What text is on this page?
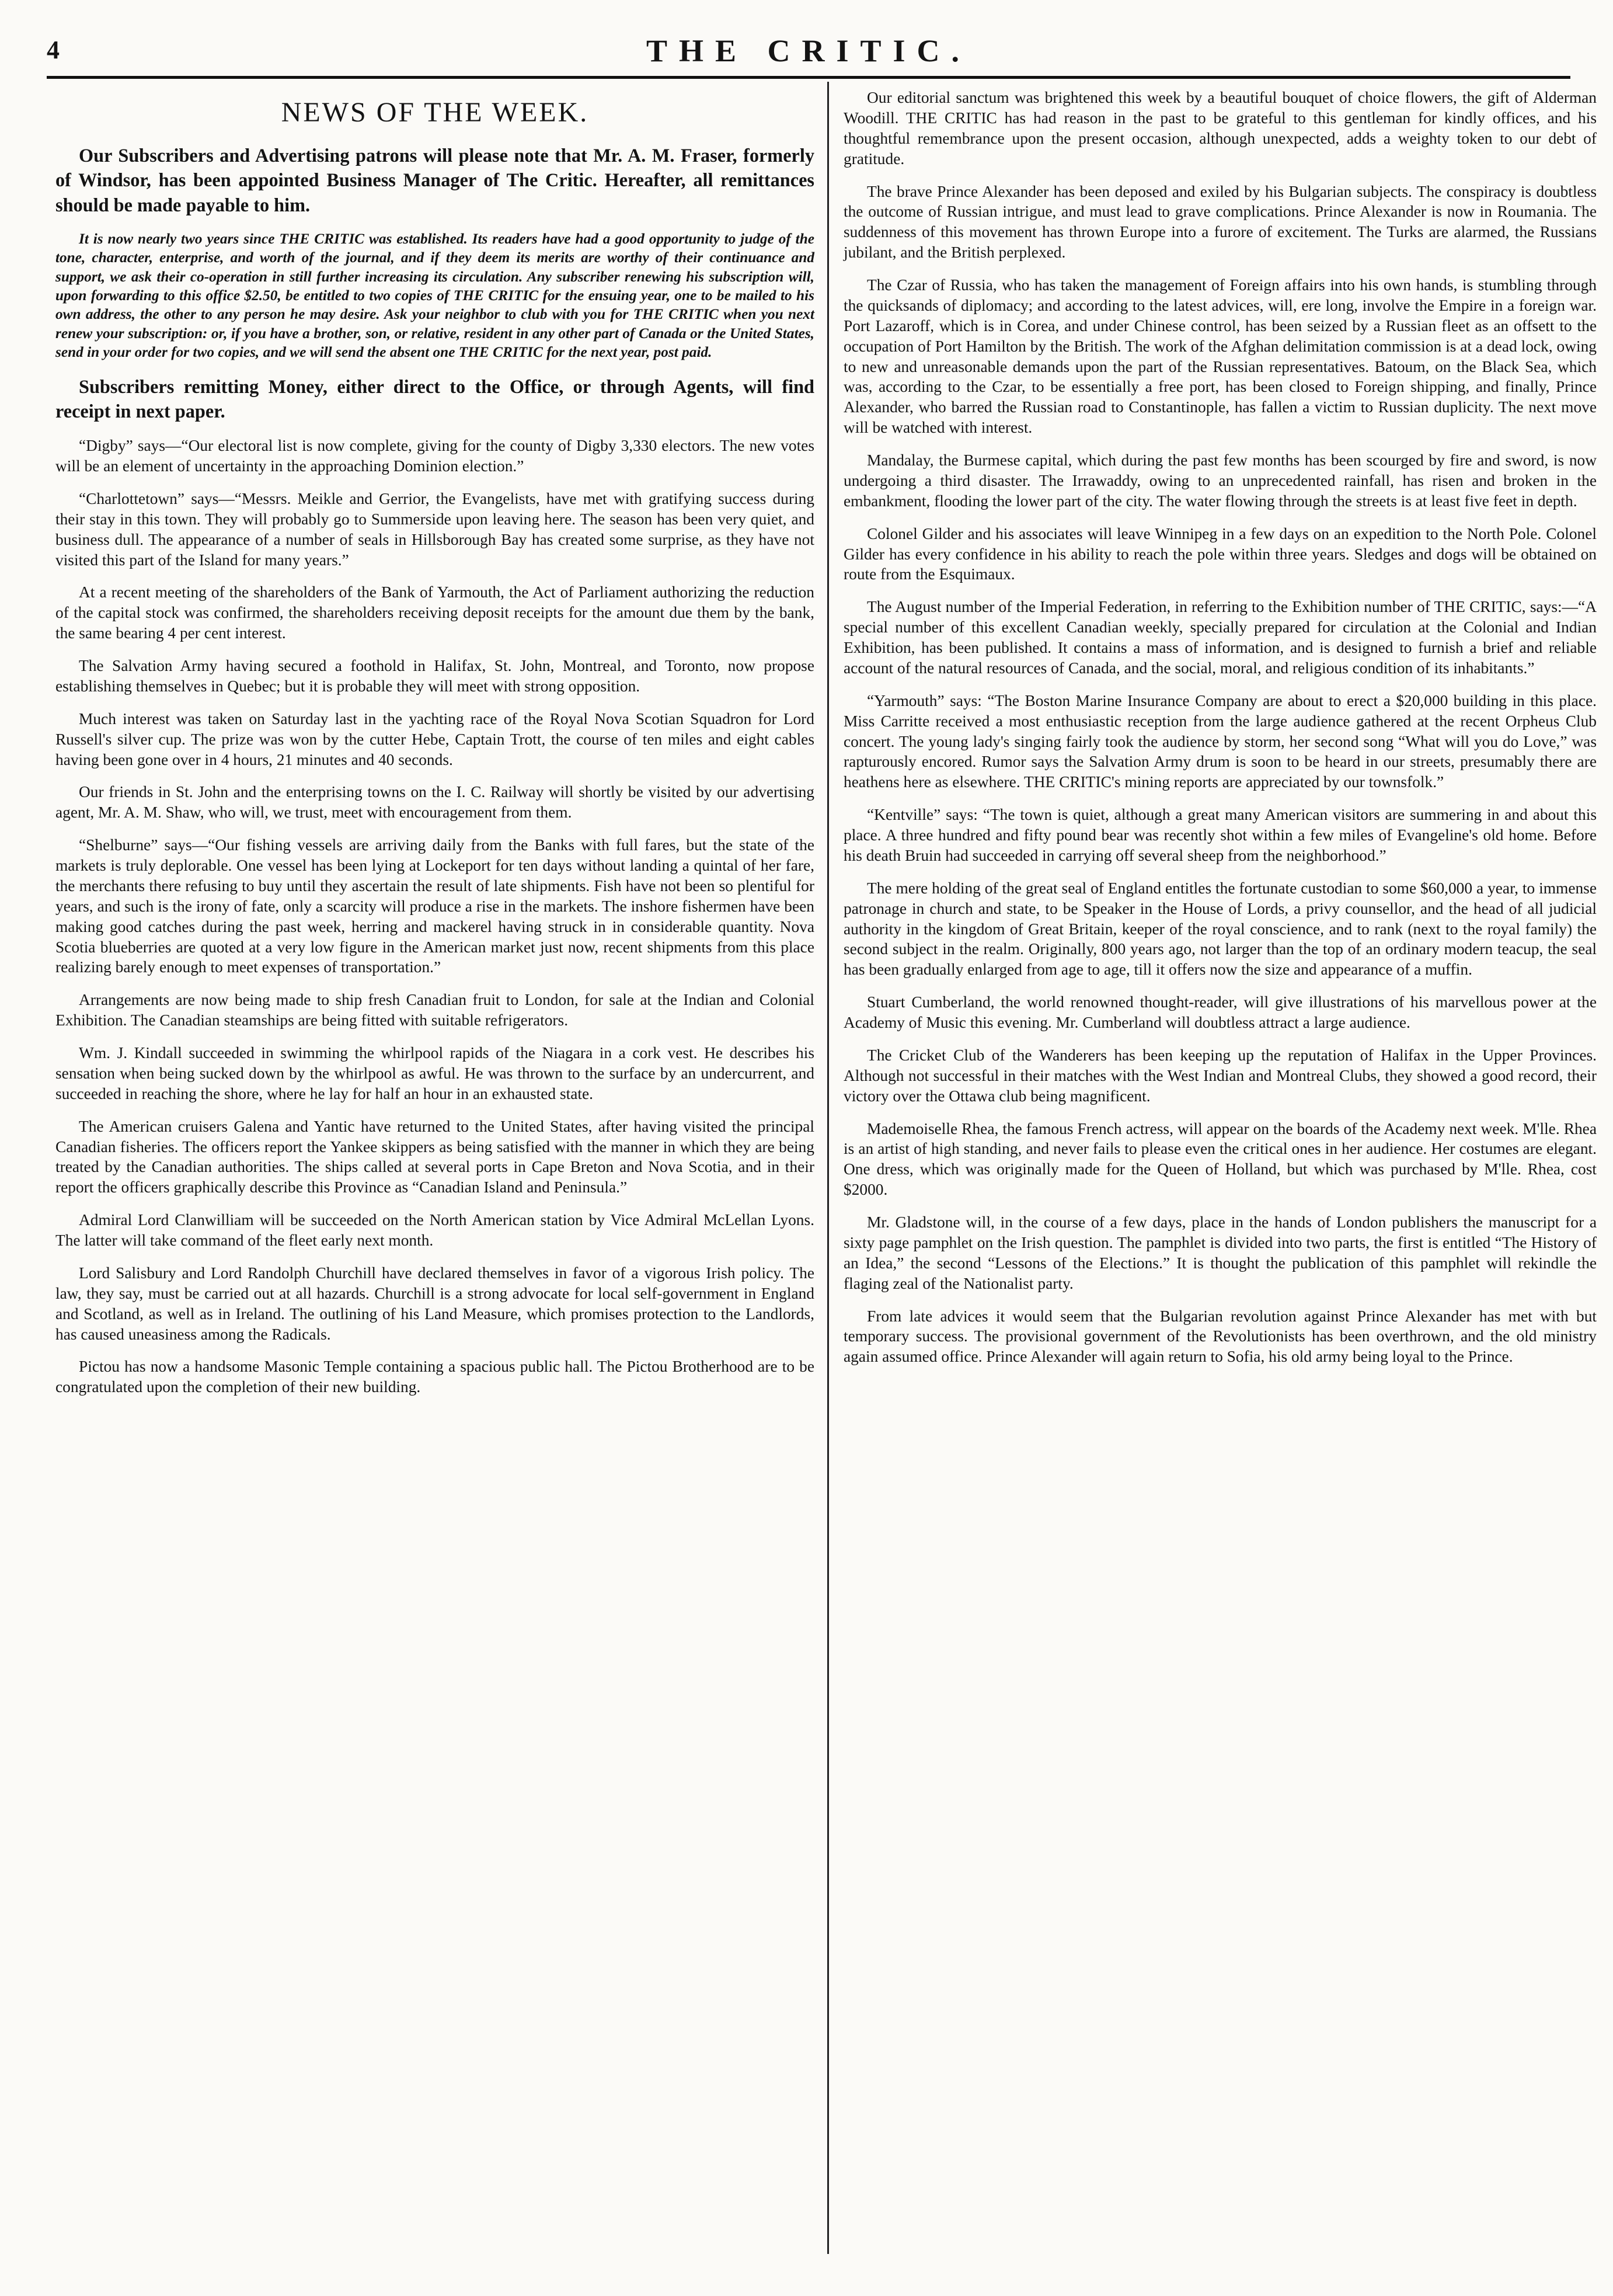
4	THE CRITIC.
NEWS OF THE WEEK.

Our Subscribers and Advertising patrons will please note that Mr. A. M. Fraser, formerly of Windsor, has been appointed Business Manager of The Critic. Hereafter, all remittances should be made payable to him.

It is now nearly two years since THE CRITIC was established. Its readers have had a good opportunity to judge of the tone, character, enterprise, and worth of the journal, and if they deem its merits are worthy of their continuance and support, we ask their co-operation in still further increasing its circulation. Any subscriber renewing his subscription will, upon forwarding to this office $2.50, be entitled to two copies of THE CRITIC for the ensuing year, one to be mailed to his own address, the other to any person he may desire. Ask your neighbor to club with you for THE CRITIC when you next renew your subscription: or, if you have a brother, son, or relative, resident in any other part of Canada or the United States, send in your order for two copies, and we will send the absent one THE CRITIC for the next year, post paid.

Subscribers remitting Money, either direct to the Office, or through Agents, will find receipt in next paper.

“Digby” says—“Our electoral list is now complete, giving for the county of Digby 3,330 electors. The new votes will be an element of uncertainty in the approaching Dominion election.”

“Charlottetown” says—“Messrs. Meikle and Gerrior, the Evangelists, have met with gratifying success during their stay in this town. They will probably go to Summerside upon leaving here. The season has been very quiet, and business dull. The appearance of a number of seals in Hillsborough Bay has created some surprise, as they have not visited this part of the Island for many years.”

At a recent meeting of the shareholders of the Bank of Yarmouth, the Act of Parliament authorizing the reduction of the capital stock was confirmed, the shareholders receiving deposit receipts for the amount due them by the bank, the same bearing 4 per cent interest.

The Salvation Army having secured a foothold in Halifax, St. John, Montreal, and Toronto, now propose establishing themselves in Quebec; but it is probable they will meet with strong opposition.

Much interest was taken on Saturday last in the yachting race of the Royal Nova Scotian Squadron for Lord Russell's silver cup. The prize was won by the cutter Hebe, Captain Trott, the course of ten miles and eight cables having been gone over in 4 hours, 21 minutes and 40 seconds.

Our friends in St. John and the enterprising towns on the I. C. Railway will shortly be visited by our advertising agent, Mr. A. M. Shaw, who will, we trust, meet with encouragement from them.

“Shelburne” says—“Our fishing vessels are arriving daily from the Banks with full fares, but the state of the markets is truly deplorable. One vessel has been lying at Lockeport for ten days without landing a quintal of her fare, the merchants there refusing to buy until they ascertain the result of late shipments. Fish have not been so plentiful for years, and such is the irony of fate, only a scarcity will produce a rise in the markets. The inshore fishermen have been making good catches during the past week, herring and mackerel having struck in in considerable quantity. Nova Scotia blueberries are quoted at a very low figure in the American market just now, recent shipments from this place realizing barely enough to meet expenses of transportation.”

Arrangements are now being made to ship fresh Canadian fruit to London, for sale at the Indian and Colonial Exhibition. The Canadian steamships are being fitted with suitable refrigerators.

Wm. J. Kindall succeeded in swimming the whirlpool rapids of the Niagara in a cork vest. He describes his sensation when being sucked down by the whirlpool as awful. He was thrown to the surface by an undercurrent, and succeeded in reaching the shore, where he lay for half an hour in an exhausted state.

The American cruisers Galena and Yantic have returned to the United States, after having visited the principal Canadian fisheries. The officers report the Yankee skippers as being satisfied with the manner in which they are being treated by the Canadian authorities. The ships called at several ports in Cape Breton and Nova Scotia, and in their report the officers graphically describe this Province as “Canadian Island and Peninsula.”

Admiral Lord Clanwilliam will be succeeded on the North American station by Vice Admiral McLellan Lyons. The latter will take command of the fleet early next month.

Lord Salisbury and Lord Randolph Churchill have declared themselves in favor of a vigorous Irish policy. The law, they say, must be carried out at all hazards. Churchill is a strong advocate for local self-government in England and Scotland, as well as in Ireland. The outlining of his Land Measure, which promises protection to the Landlords, has caused uneasiness among the Radicals.

Pictou has now a handsome Masonic Temple containing a spacious public hall. The Pictou Brotherhood are to be congratulated upon the completion of their new building.

Our editorial sanctum was brightened this week by a beautiful bouquet of choice flowers, the gift of Alderman Woodill. THE CRITIC has had reason in the past to be grateful to this gentleman for kindly offices, and his thoughtful remembrance upon the present occasion, although unexpected, adds a weighty token to our debt of gratitude.

The brave Prince Alexander has been deposed and exiled by his Bulgarian subjects. The conspiracy is doubtless the outcome of Russian intrigue, and must lead to grave complications. Prince Alexander is now in Roumania. The suddenness of this movement has thrown Europe into a furore of excitement. The Turks are alarmed, the Russians jubilant, and the British perplexed.

The Czar of Russia, who has taken the management of Foreign affairs into his own hands, is stumbling through the quicksands of diplomacy; and according to the latest advices, will, ere long, involve the Empire in a foreign war. Port Lazaroff, which is in Corea, and under Chinese control, has been seized by a Russian fleet as an offsett to the occupation of Port Hamilton by the British. The work of the Afghan delimitation commission is at a dead lock, owing to new and unreasonable demands upon the part of the Russian representatives. Batoum, on the Black Sea, which was, according to the Czar, to be essentially a free port, has been closed to Foreign shipping, and finally, Prince Alexander, who barred the Russian road to Constantinople, has fallen a victim to Russian duplicity. The next move will be watched with interest.

Mandalay, the Burmese capital, which during the past few months has been scourged by fire and sword, is now undergoing a third disaster. The Irrawaddy, owing to an unprecedented rainfall, has risen and broken in the embankment, flooding the lower part of the city. The water flowing through the streets is at least five feet in depth.

Colonel Gilder and his associates will leave Winnipeg in a few days on an expedition to the North Pole. Colonel Gilder has every confidence in his ability to reach the pole within three years. Sledges and dogs will be obtained on route from the Esquimaux.

The August number of the Imperial Federation, in referring to the Exhibition number of THE CRITIC, says:—“A special number of this excellent Canadian weekly, specially prepared for circulation at the Colonial and Indian Exhibition, has been published. It contains a mass of information, and is designed to furnish a brief and reliable account of the natural resources of Canada, and the social, moral, and religious condition of its inhabitants.”

“Yarmouth” says: “The Boston Marine Insurance Company are about to erect a $20,000 building in this place. Miss Carritte received a most enthusiastic reception from the large audience gathered at the recent Orpheus Club concert. The young lady's singing fairly took the audience by storm, her second song “What will you do Love,” was rapturously encored. Rumor says the Salvation Army drum is soon to be heard in our streets, presumably there are heathens here as elsewhere. THE CRITIC's mining reports are appreciated by our townsfolk.”

“Kentville” says: “The town is quiet, although a great many American visitors are summering in and about this place. A three hundred and fifty pound bear was recently shot within a few miles of Evangeline's old home. Before his death Bruin had succeeded in carrying off several sheep from the neighborhood.”

The mere holding of the great seal of England entitles the fortunate custodian to some $60,000 a year, to immense patronage in church and state, to be Speaker in the House of Lords, a privy counsellor, and the head of all judicial authority in the kingdom of Great Britain, keeper of the royal conscience, and to rank (next to the royal family) the second subject in the realm. Originally, 800 years ago, not larger than the top of an ordinary modern teacup, the seal has been gradually enlarged from age to age, till it offers now the size and appearance of a muffin.

Stuart Cumberland, the world renowned thought-reader, will give illustrations of his marvellous power at the Academy of Music this evening. Mr. Cumberland will doubtless attract a large audience.

The Cricket Club of the Wanderers has been keeping up the reputation of Halifax in the Upper Provinces. Although not successful in their matches with the West Indian and Montreal Clubs, they showed a good record, their victory over the Ottawa club being magnificent.

Mademoiselle Rhea, the famous French actress, will appear on the boards of the Academy next week. M'lle. Rhea is an artist of high standing, and never fails to please even the critical ones in her audience. Her costumes are elegant. One dress, which was originally made for the Queen of Holland, but which was purchased by M'lle. Rhea, cost $2000.

Mr. Gladstone will, in the course of a few days, place in the hands of London publishers the manuscript for a sixty page pamphlet on the Irish question. The pamphlet is divided into two parts, the first is entitled “The History of an Idea,” the second “Lessons of the Elections.” It is thought the publication of this pamphlet will rekindle the flaging zeal of the Nationalist party.

From late advices it would seem that the Bulgarian revolution against Prince Alexander has met with but temporary success. The provisional government of the Revolutionists has been overthrown, and the old ministry again assumed office. Prince Alexander will again return to Sofia, his old army being loyal to the Prince.
